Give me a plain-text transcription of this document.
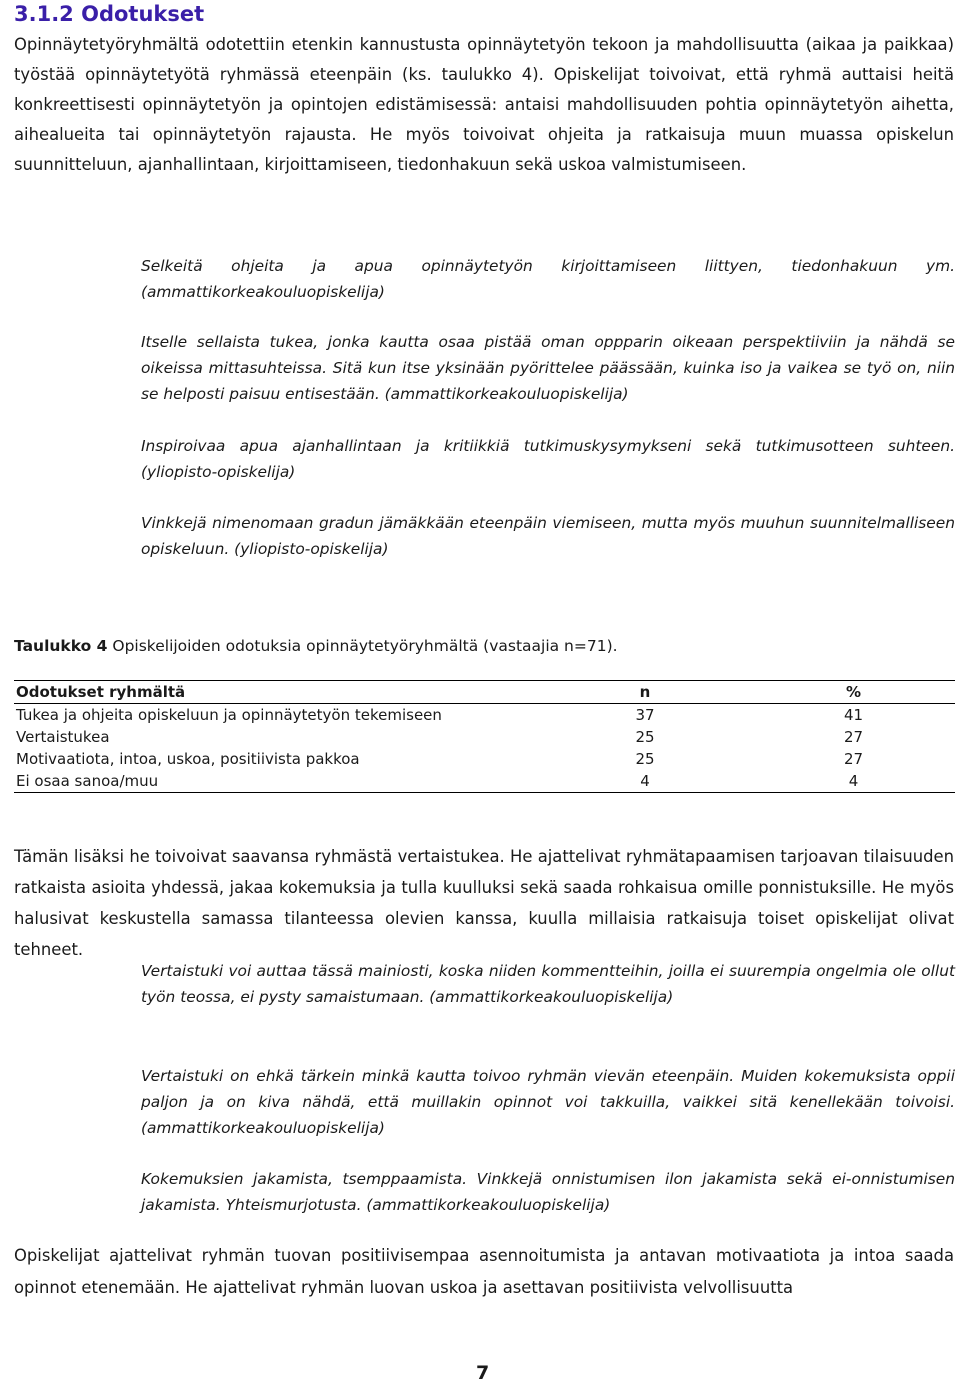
3.1.2 Odotukset

Opinnäytetyöryhmältä odotettiin etenkin kannustusta opinnäytetyön tekoon ja mahdollisuutta (aikaa ja paikkaa) työstää opinnäytetyötä ryhmässä eteenpäin (ks. taulukko 4). Opiskelijat toivoivat, että ryhmä auttaisi heitä konkreettisesti opinnäytetyön ja opintojen edistämisessä: antaisi mahdollisuuden pohtia opinnäytetyön aihetta, aihealueita tai opinnäytetyön rajausta. He myös toivoivat ohjeita ja ratkaisuja muun muassa opiskelun suunnitteluun, ajanhallintaan, kirjoittamiseen, tiedonhakuun sekä uskoa valmistumiseen.

Selkeitä ohjeita ja apua opinnäytetyön kirjoittamiseen liittyen, tiedonhakuun ym. (ammattikorkeakouluopiskelija)

Itselle sellaista tukea, jonka kautta osaa pistää oman oppparin oikeaan perspektiiviin ja nähdä se oikeissa mittasuhteissa. Sitä kun itse yksinään pyörittelee päässään, kuinka iso ja vaikea se työ on, niin se helposti paisuu entisestään. (ammattikorkeakouluopiskelija)

Inspiroivaa apua ajanhallintaan ja kritiikkiä tutkimuskysymykseni sekä tutkimusotteen suhteen. (yliopisto-opiskelija)

Vinkkejä nimenomaan gradun jämäkkään eteenpäin viemiseen, mutta myös muuhun suunnitelmalliseen opiskeluun. (yliopisto-opiskelija)

Taulukko 4 Opiskelijoiden odotuksia opinnäytetyöryhmältä (vastaajia n=71).
Odotukset ryhmältä	n	%
Tukea ja ohjeita opiskeluun ja opinnäytetyön tekemiseen	37	41
Vertaistukea	25	27
Motivaatiota, intoa, uskoa, positiivista pakkoa	25	27
Ei osaa sanoa/muu	4	4

Tämän lisäksi he toivoivat saavansa ryhmästä vertaistukea. He ajattelivat ryhmätapaamisen tarjoavan tilaisuuden ratkaista asioita yhdessä, jakaa kokemuksia ja tulla kuulluksi sekä saada rohkaisua omille ponnistuksille. He myös halusivat keskustella samassa tilanteessa olevien kanssa, kuulla millaisia ratkaisuja toiset opiskelijat olivat tehneet.

Vertaistuki voi auttaa tässä mainiosti, koska niiden kommentteihin, joilla ei suurempia ongelmia ole ollut työn teossa, ei pysty samaistumaan. (ammattikorkeakouluopiskelija)

Vertaistuki on ehkä tärkein minkä kautta toivoo ryhmän vievän eteenpäin. Muiden kokemuksista oppii paljon ja on kiva nähdä, että muillakin opinnot voi takkuilla, vaikkei sitä kenellekään toivoisi. (ammattikorkeakouluopiskelija)

Kokemuksien jakamista, tsemppaamista. Vinkkejä onnistumisen ilon jakamista sekä ei-onnistumisen jakamista. Yhteismurjotusta. (ammattikorkeakouluopiskelija)

Opiskelijat ajattelivat ryhmän tuovan positiivisempaa asennoitumista ja antavan motivaatiota ja intoa saada opinnot etenemään. He ajattelivat ryhmän luovan uskoa ja asettavan positiivista velvollisuutta

7
